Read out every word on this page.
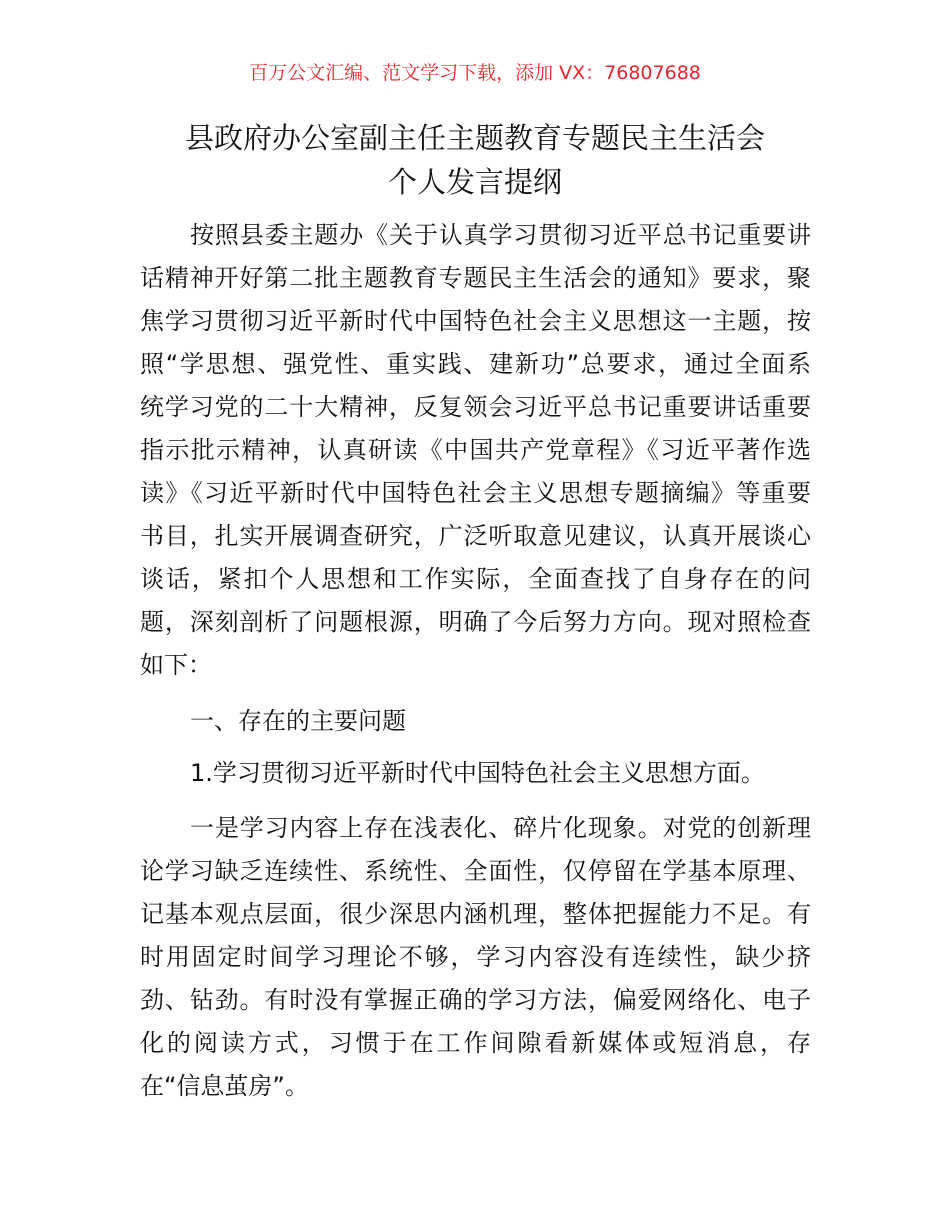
百万公文汇编、范文学习下载，添加 VX：76807688
县政府办公室副主任主题教育专题民主生活会
个人发言提纲
按照县委主题办《关于认真学习贯彻习近平总书记重要讲
话精神开好第二批主题教育专题民主生活会的通知》要求，聚
焦学习贯彻习近平新时代中国特色社会主义思想这一主题，按
照“学思想、强党性、重实践、建新功”总要求，通过全面系
统学习党的二十大精神，反复领会习近平总书记重要讲话重要
指示批示精神，认真研读《中国共产党章程》《习近平著作选
读》《习近平新时代中国特色社会主义思想专题摘编》等重要
书目，扎实开展调查研究，广泛听取意见建议，认真开展谈心
谈话，紧扣个人思想和工作实际，全面查找了自身存在的问
题，深刻剖析了问题根源，明确了今后努力方向。现对照检查
如下：
一、存在的主要问题
1.学习贯彻习近平新时代中国特色社会主义思想方面。
一是学习内容上存在浅表化、碎片化现象。对党的创新理
论学习缺乏连续性、系统性、全面性，仅停留在学基本原理、
记基本观点层面，很少深思内涵机理，整体把握能力不足。有
时用固定时间学习理论不够，学习内容没有连续性，缺少挤
劲、钻劲。有时没有掌握正确的学习方法，偏爱网络化、电子
化的阅读方式，习惯于在工作间隙看新媒体或短消息，存
在“信息茧房”。
